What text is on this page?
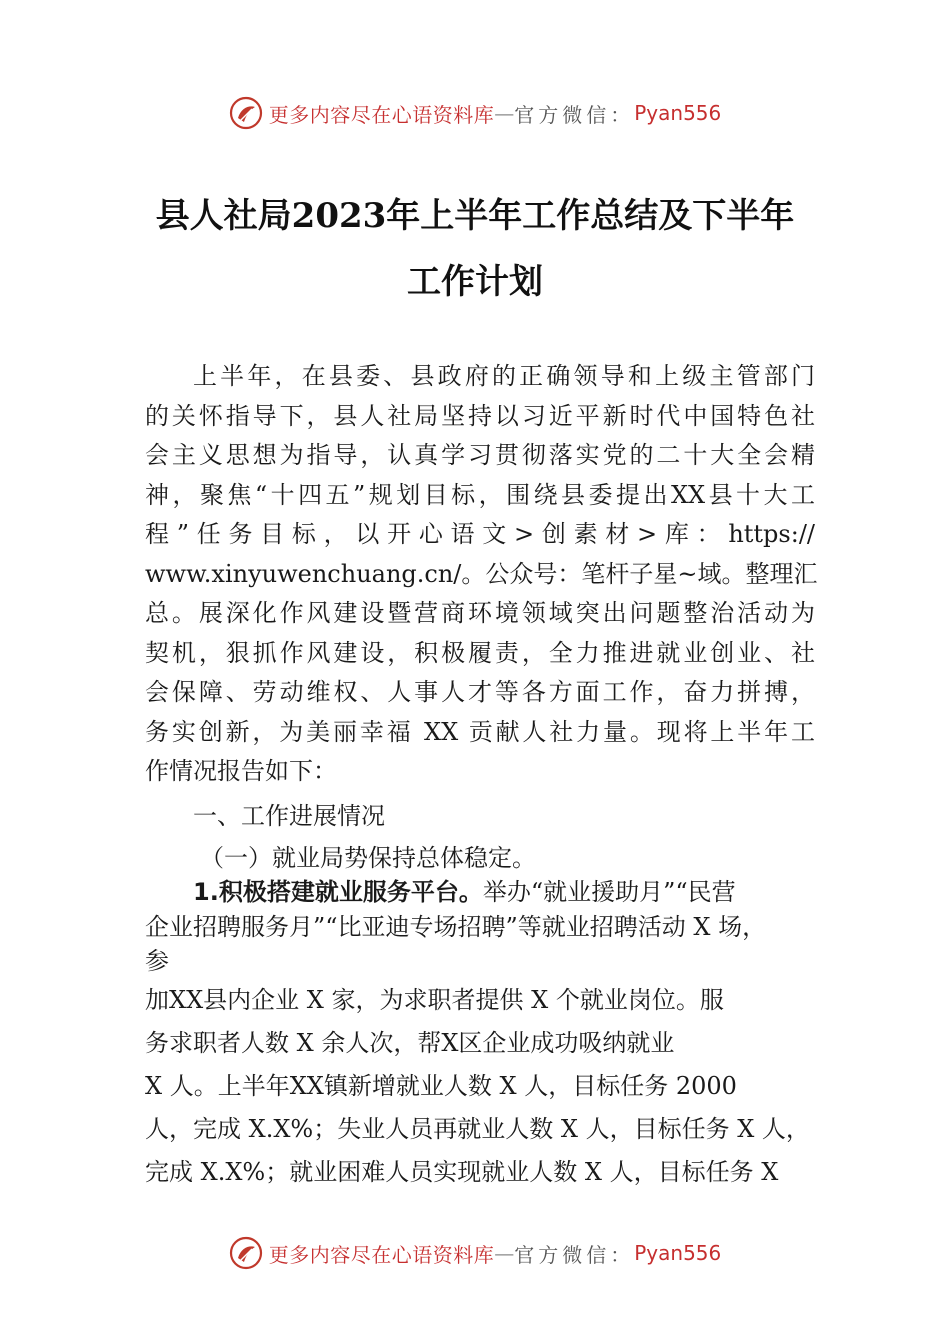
更多内容尽在心语资料库 — 官方微信： Pyan556
县人社局2023年上半年工作总结及下半年
工作计划
上半年，在县委、县政府的正确领导和上级主管部门
的关怀指导下，县人社局坚持以习近平新时代中国特色社
会主义思想为指导，认真学习贯彻落实党的二十大全会精
神，聚焦“十四五”规划目标，围绕县委提出XX县十大工
程”任务目标，以开心语文>创素材>库：https://
www.xinyuwenchuang.cn/。公众号：笔杆子星~域。整理汇
总。展深化作风建设暨营商环境领域突出问题整治活动为
契机，狠抓作风建设，积极履责，全力推进就业创业、社
会保障、劳动维权、人事人才等各方面工作，奋力拼搏，
务实创新，为美丽幸福 XX 贡献人社力量。现将上半年工
作情况报告如下：
一、工作进展情况
（一）就业局势保持总体稳定。
1.积极搭建就业服务平台。举办“就业援助月”“民营
企业招聘服务月”“比亚迪专场招聘”等就业招聘活动 X 场，
参
加XX县内企业 X 家，为求职者提供 X 个就业岗位。服
务求职者人数 X 余人次，帮X区企业成功吸纳就业
X 人。上半年XX镇新增就业人数 X 人，目标任务 2000
人，完成 X.X%；失业人员再就业人数 X 人，目标任务 X 人，
完成 X.X%；就业困难人员实现就业人数 X 人，目标任务 X
更多内容尽在心语资料库 — 官方微信： Pyan556
